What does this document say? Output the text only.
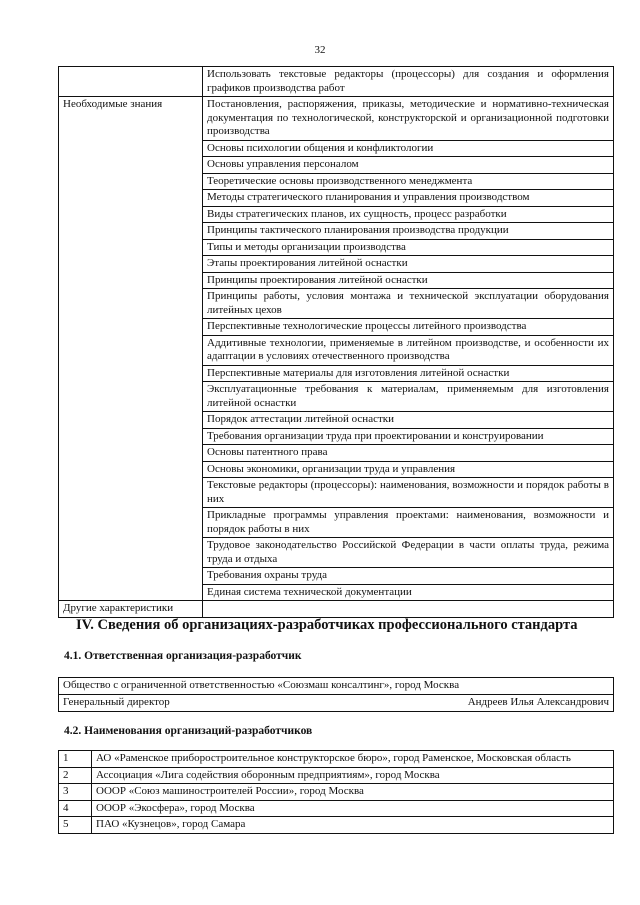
32
	Использовать текстовые редакторы (процессоры) для создания и оформления графиков производства работ
Необходимые знания	Постановления, распоряжения, приказы, методические и нормативно-техническая документация по технологической, конструкторской и организационной подготовки производства
	Основы психологии общения и конфликтологии
	Основы управления персоналом
	Теоретические основы производственного менеджмента
	Методы стратегического планирования и управления производством
	Виды стратегических планов, их сущность, процесс разработки
	Принципы тактического планирования производства продукции
	Типы и методы организации производства
	Этапы проектирования литейной оснастки
	Принципы проектирования литейной оснастки
	Принципы работы, условия монтажа и технической эксплуатации оборудования литейных цехов
	Перспективные технологические процессы литейного производства
	Аддитивные технологии, применяемые в литейном производстве, и особенности их адаптации в условиях отечественного производства
	Перспективные материалы для изготовления литейной оснастки
	Эксплуатационные требования к материалам, применяемым для изготовления литейной оснастки
	Порядок аттестации литейной оснастки
	Требования организации труда при проектировании и конструировании
	Основы патентного права
	Основы экономики, организации труда и управления
	Текстовые редакторы (процессоры): наименования, возможности и порядок работы в них
	Прикладные программы управления проектами: наименования, возможности и порядок работы в них
	Трудовое законодательство Российской Федерации в части оплаты труда, режима труда и отдыха
	Требования охраны труда
	Единая система технической документации
Другие характеристики	
IV. Сведения об организациях-разработчиках профессионального стандарта
4.1. Ответственная организация-разработчик
Общество с ограниченной ответственностью «Союзмаш консалтинг», город Москва

Генеральный директор	Андреев Илья Александрович
4.2. Наименования организаций-разработчиков
1	АО «Раменское приборостроительное конструкторское бюро», город Раменское, Московская область
2	Ассоциация «Лига содействия оборонным предприятиям», город Москва
3	ОООР «Союз машиностроителей России», город Москва
4	ОООР «Экосфера», город Москва
5	ПАО «Кузнецов», город Самара
